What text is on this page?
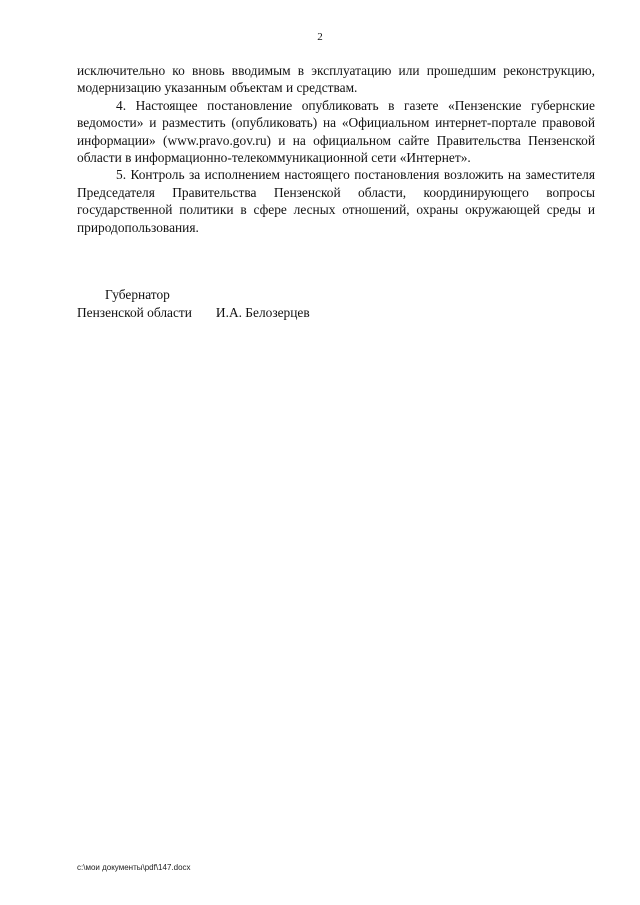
2

исключительно ко вновь вводимым в эксплуатацию или прошедшим реконструкцию, модернизацию указанным объектам и средствам.

4. Настоящее постановление опубликовать в газете «Пензенские губернские ведомости» и разместить (опубликовать) на «Официальном интернет-портале правовой информации» (www.pravo.gov.ru) и на официальном сайте Правительства Пензенской области в информационно-телекоммуникационной сети «Интернет».

5. Контроль за исполнением настоящего постановления возложить на заместителя Председателя Правительства Пензенской области, координирующего вопросы государственной политики в сфере лесных отношений, охраны окружающей среды и природопользования.

Губернатор
Пензенской области И.А. Белозерцев
c:\мои документы\pdf\147.docx
